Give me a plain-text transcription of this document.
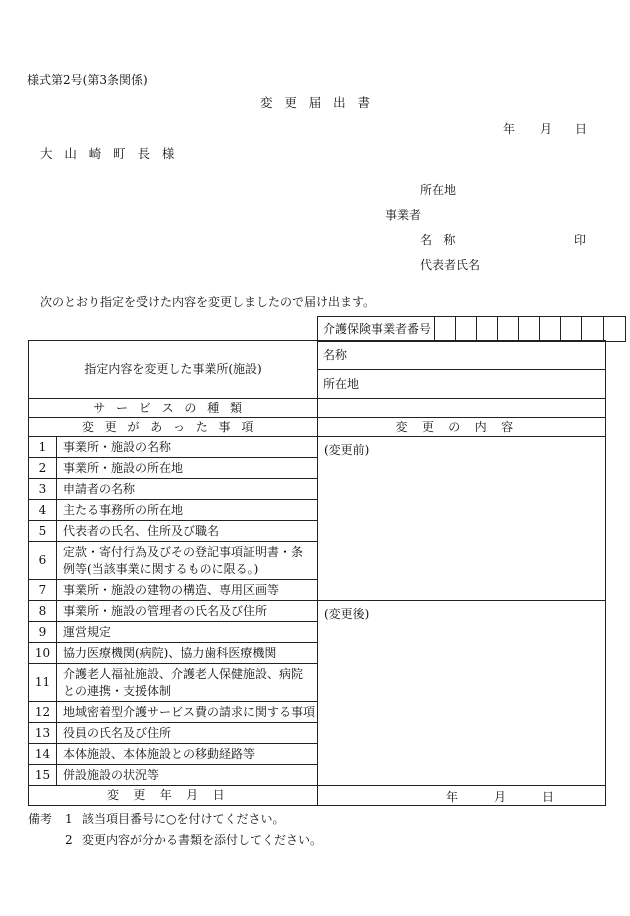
様式第2号(第3条関係)
変更届出書
年 月 日
大山崎町長様
所在地
事業者
名称	印
代表者氏名
次のとおり指定を受けた内容を変更しましたので届け出ます。
介護保険事業者番号									
指定内容を変更した事業所(施設)		名称
		所在地
サービスの種類		
変更があった事項		変更の内容
1	事業所・施設の名称	(変更前)
2	事業所・施設の所在地	
3	申請者の名称	
4	主たる事務所の所在地	
5	代表者の氏名、住所及び職名	
6	定款・寄付行為及びその登記事項証明書・条例等(当該事業に関するものに限る。)	
7	事業所・施設の建物の構造、専用区画等	
8	事業所・施設の管理者の氏名及び住所	(変更後)
9	運営規定	
10	協力医療機関(病院)、協力歯科医療機関	
11	介護老人福祉施設、介護老人保健施設、病院との連携・支援体制	
12	地域密着型介護サービス費の請求に関する事項	
13	役員の氏名及び住所	
14	本体施設、本体施設との移動経路等	
15	併設施設の状況等	
変更年月日		年 月 日
備考 1 該当項目番号に○を付けてください。
2 変更内容が分かる書類を添付してください。
